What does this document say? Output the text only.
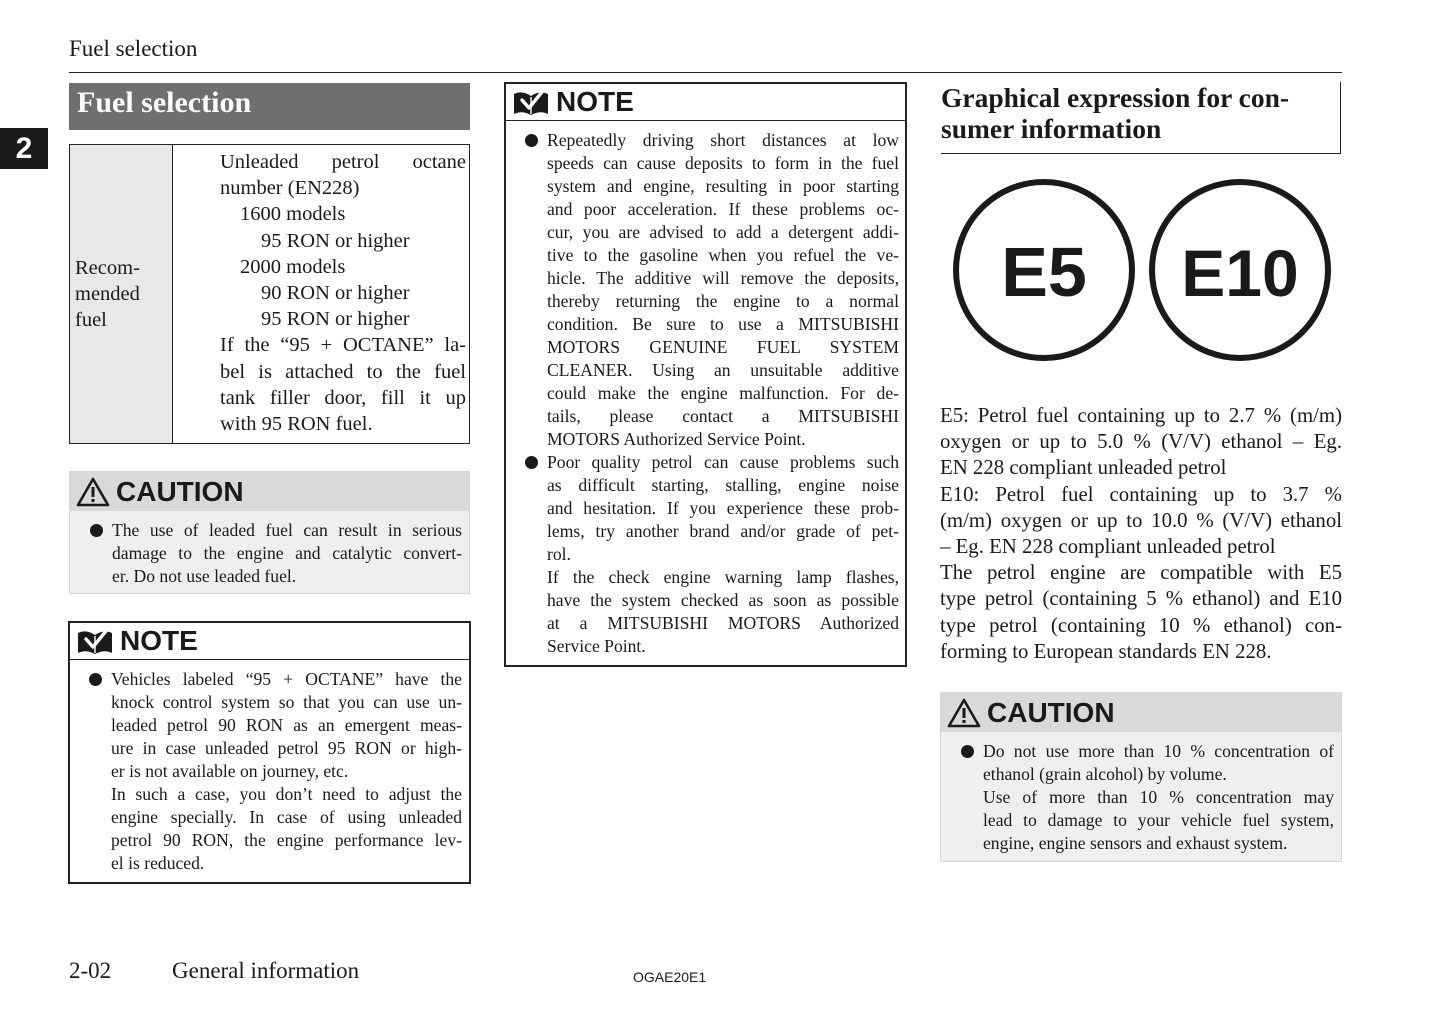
Fuel selection
2
Fuel selection
Recom-
mended
fuel
Unleaded petrol octane
number (EN228)
1600 models
95 RON or higher
2000 models
90 RON or higher
95 RON or higher
If the “95 + OCTANE” la-
bel is attached to the fuel
tank filler door, fill it up
with 95 RON fuel.
CAUTION
The use of leaded fuel can result in serious
damage to the engine and catalytic convert-
er. Do not use leaded fuel.
NOTE
Vehicles labeled “95 + OCTANE” have the
knock control system so that you can use un-
leaded petrol 90 RON as an emergent meas-
ure in case unleaded petrol 95 RON or high-
er is not available on journey, etc.
In such a case, you don’t need to adjust the
engine specially. In case of using unleaded
petrol 90 RON, the engine performance lev-
el is reduced.
NOTE
Repeatedly driving short distances at low
speeds can cause deposits to form in the fuel
system and engine, resulting in poor starting
and poor acceleration. If these problems oc-
cur, you are advised to add a detergent addi-
tive to the gasoline when you refuel the ve-
hicle. The additive will remove the deposits,
thereby returning the engine to a normal
condition. Be sure to use a MITSUBISHI
MOTORS GENUINE FUEL SYSTEM
CLEANER. Using an unsuitable additive
could make the engine malfunction. For de-
tails, please contact a MITSUBISHI
MOTORS Authorized Service Point.
Poor quality petrol can cause problems such
as difficult starting, stalling, engine noise
and hesitation. If you experience these prob-
lems, try another brand and/or grade of pet-
rol.
If the check engine warning lamp flashes,
have the system checked as soon as possible
at a MITSUBISHI MOTORS Authorized
Service Point.
Graphical expression for con-
sumer information
E5 E10
E5: Petrol fuel containing up to 2.7 % (m/m)
oxygen or up to 5.0 % (V/V) ethanol – Eg.
EN 228 compliant unleaded petrol
E10: Petrol fuel containing up to 3.7 %
(m/m) oxygen or up to 10.0 % (V/V) ethanol
– Eg. EN 228 compliant unleaded petrol
The petrol engine are compatible with E5
type petrol (containing 5 % ethanol) and E10
type petrol (containing 10 % ethanol) con-
forming to European standards EN 228.
CAUTION
Do not use more than 10 % concentration of
ethanol (grain alcohol) by volume.
Use of more than 10 % concentration may
lead to damage to your vehicle fuel system,
engine, engine sensors and exhaust system.
2-02	General information	OGAE20E1
